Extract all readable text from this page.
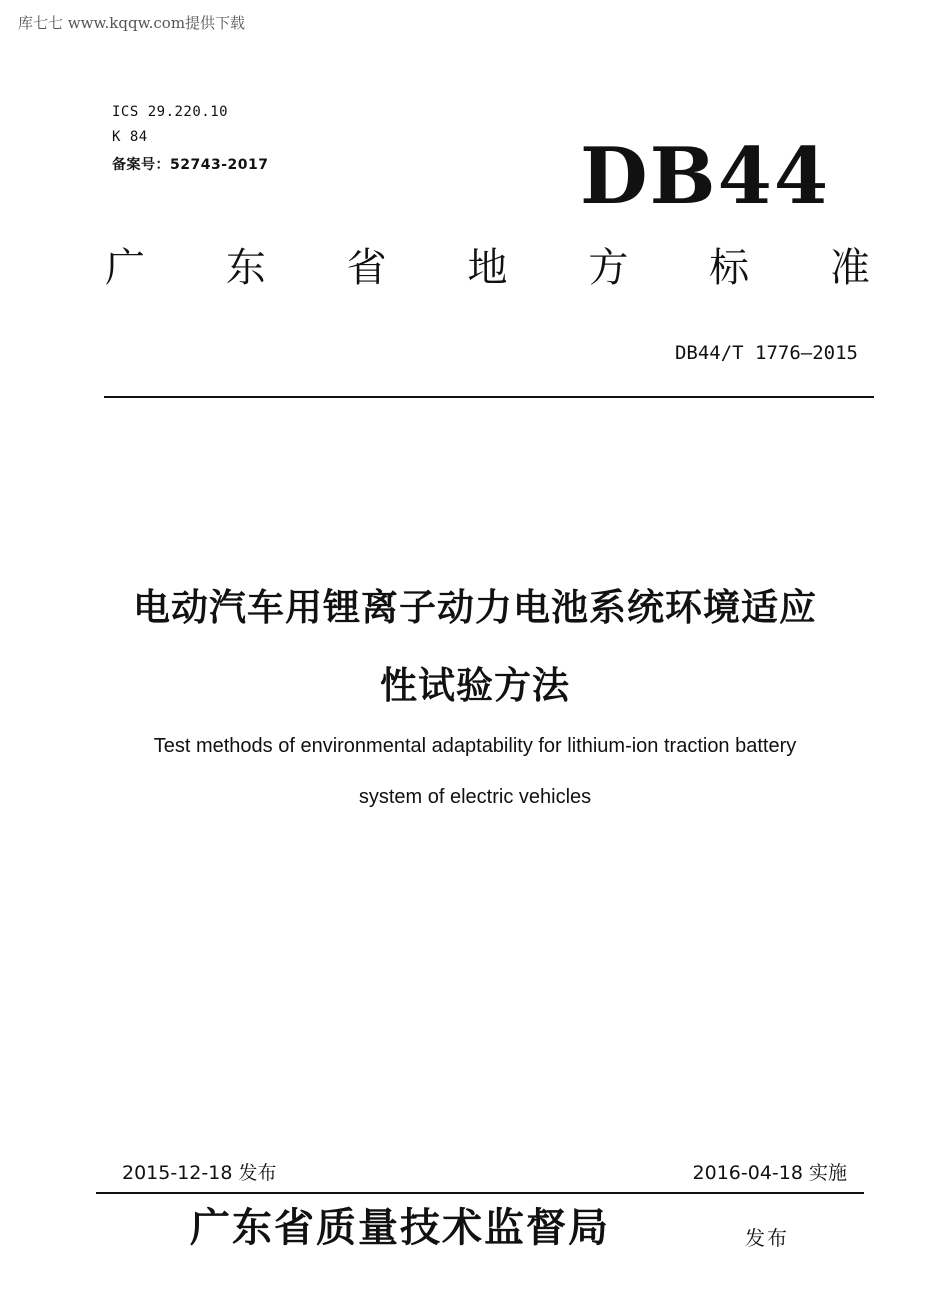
库七七 www.kqqw.com提供下载
ICS 29.220.10
K 84
备案号：52743-2017	DB44
广 东 省 地 方 标 准
DB44/T 1776—2015
电动汽车用锂离子动力电池系统环境适应
性试验方法
Test methods of environmental adaptability for lithium-ion traction battery
system of electric vehicles
2015-12-18 发布	2016-04-18 实施
广东省质量技术监督局	发布
